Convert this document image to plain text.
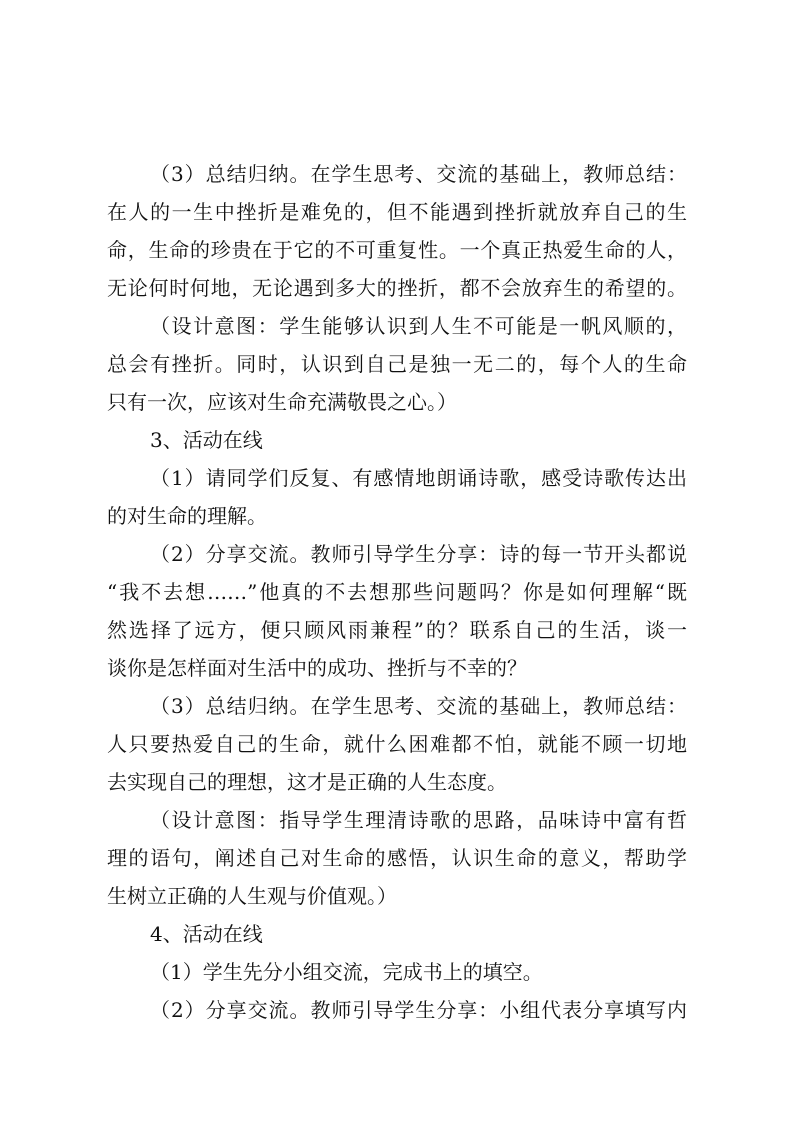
（3）总结归纳。在学生思考、交流的基础上，教师总结：
在人的一生中挫折是难免的，但不能遇到挫折就放弃自己的生
命，生命的珍贵在于它的不可重复性。一个真正热爱生命的人，
无论何时何地，无论遇到多大的挫折，都不会放弃生的希望的。
（设计意图：学生能够认识到人生不可能是一帆风顺的，
总会有挫折。同时，认识到自己是独一无二的，每个人的生命
只有一次，应该对生命充满敬畏之心。）
3、活动在线
（1）请同学们反复、有感情地朗诵诗歌，感受诗歌传达出
的对生命的理解。
（2）分享交流。教师引导学生分享：诗的每一节开头都说
“我不去想……”他真的不去想那些问题吗？你是如何理解“既
然选择了远方，便只顾风雨兼程”的？联系自己的生活，谈一
谈你是怎样面对生活中的成功、挫折与不幸的？
（3）总结归纳。在学生思考、交流的基础上，教师总结：
人只要热爱自己的生命，就什么困难都不怕，就能不顾一切地
去实现自己的理想，这才是正确的人生态度。
（设计意图：指导学生理清诗歌的思路，品味诗中富有哲
理的语句，阐述自己对生命的感悟，认识生命的意义，帮助学
生树立正确的人生观与价值观。）
4、活动在线
（1）学生先分小组交流，完成书上的填空。
（2）分享交流。教师引导学生分享：小组代表分享填写内
